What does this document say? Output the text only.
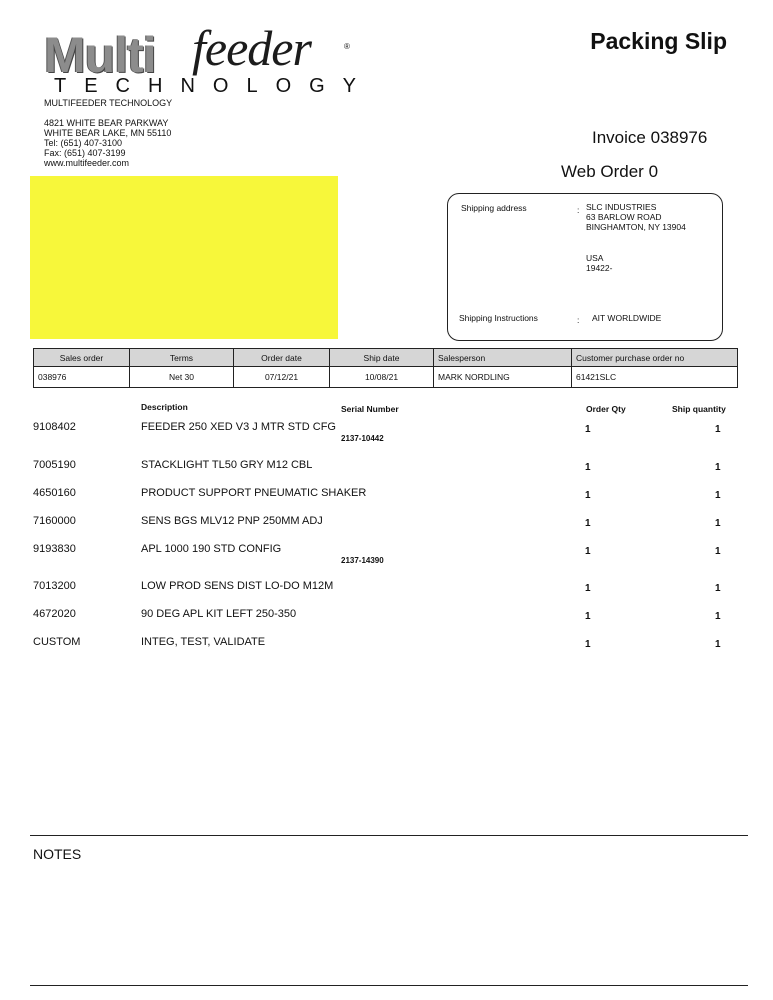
Multi feeder	®
TECHNOLOGY
MULTIFEEDER TECHNOLOGY
4821 WHITE BEAR PARKWAY
WHITE BEAR LAKE, MN 55110
Tel: (651) 407-3100
Fax: (651) 407-3199
www.multifeeder.com
Packing Slip
Invoice 038976
Web Order 0
Shipping address	: SLC INDUSTRIES
63 BARLOW ROAD
BINGHAMTON, NY 13904
USA
19422-
Shipping Instructions	: AIT WORLDWIDE
Sales order	Terms	Order date	Ship date	Salesperson	Customer purchase order no
038976	Net 30	07/12/21	10/08/21	MARK NORDLING	61421SLC
Description	Serial Number	Order Qty	Ship quantity
9108402	FEEDER 250 XED V3 J MTR STD CFG	1	1
2137-10442
7005190	STACKLIGHT TL50 GRY M12 CBL	1	1
4650160	PRODUCT SUPPORT PNEUMATIC SHAKER	1	1
7160000	SENS BGS MLV12 PNP 250MM ADJ	1	1
9193830	APL 1000 190 STD CONFIG	1	1
2137-14390
7013200	LOW PROD SENS DIST LO-DO M12M	1	1
4672020	90 DEG APL KIT LEFT 250-350	1	1
CUSTOM	INTEG, TEST, VALIDATE	1	1
NOTES
